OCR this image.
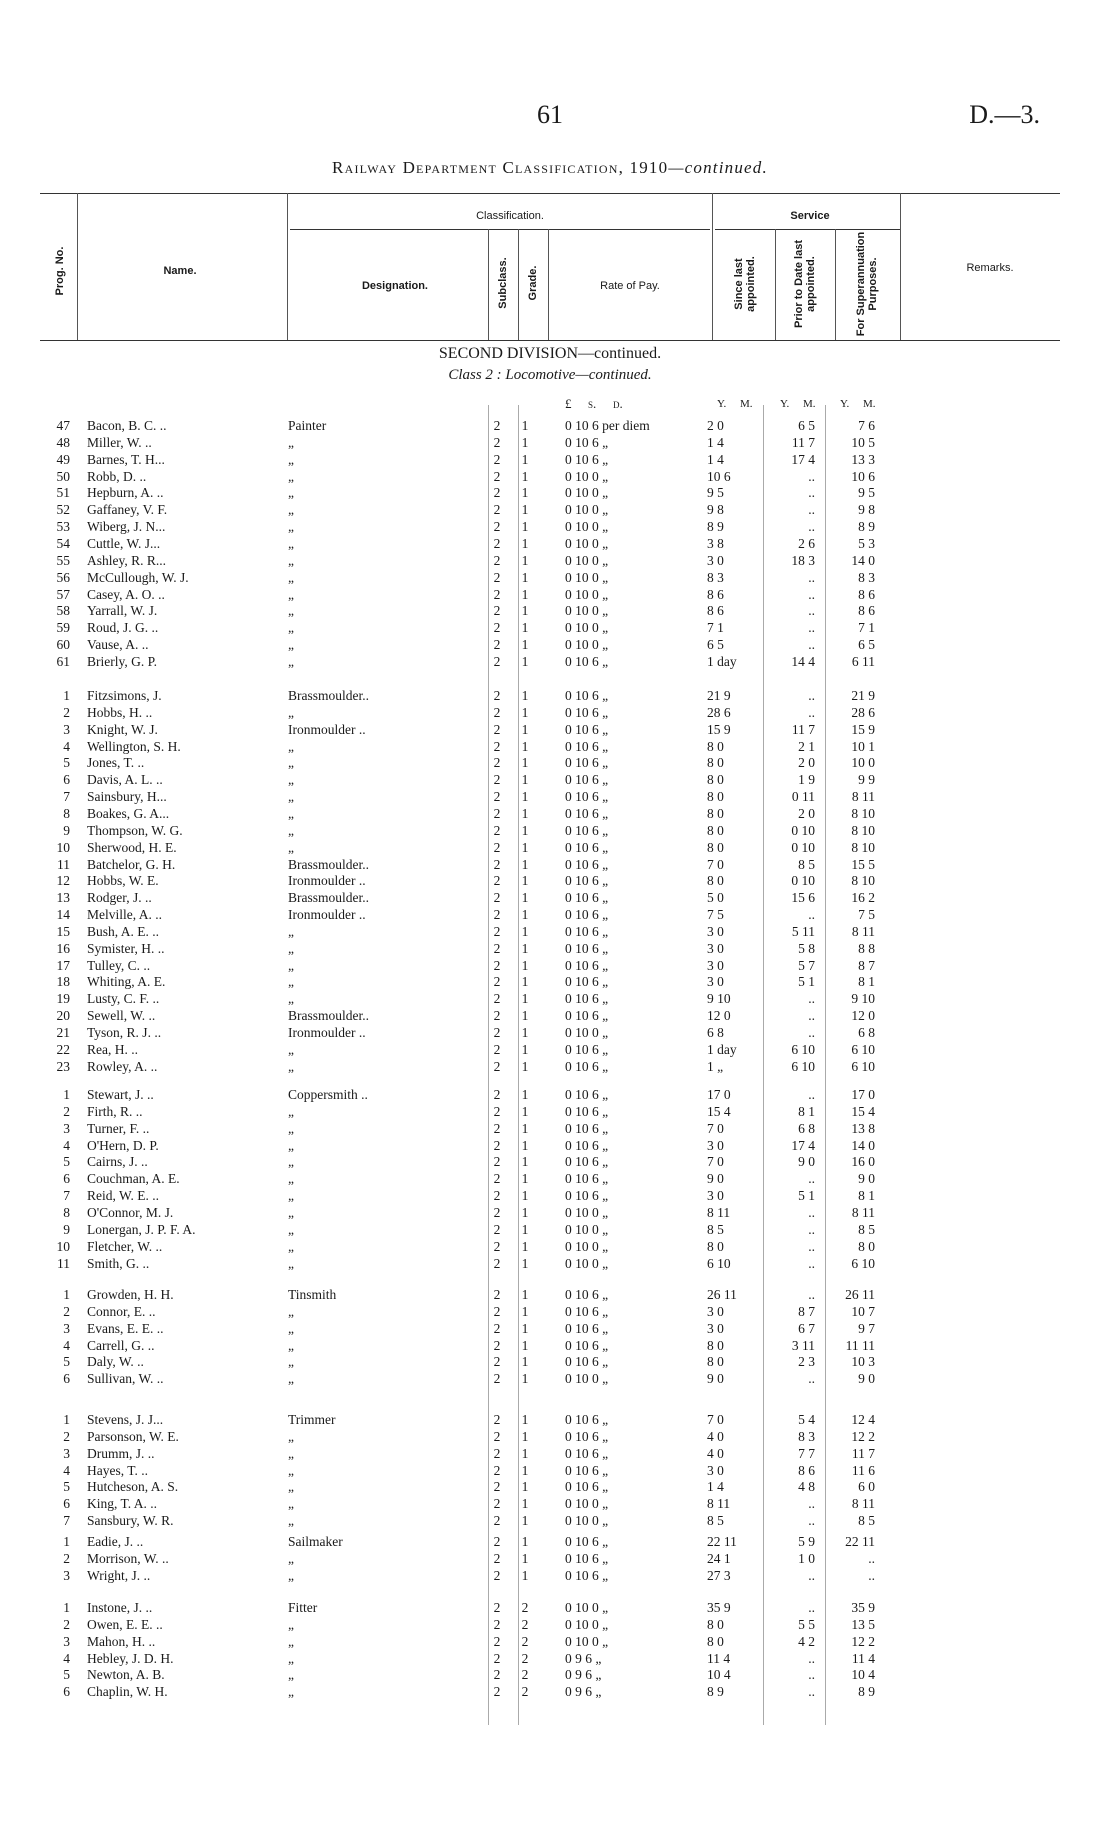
61	D.—3.
Railway Department Classification, 1910—continued.
Prog. No.	Name.
Classification.
Designation.	Subclass. Grade.	Rate of Pay.
Service
Since last appointed.	Prior to Date last appointed.	For Superannuation Purposes.	Remarks.
SECOND DIVISION—continued.
Class 2 : Locomotive—continued.
£ s. d.	Y. M. Y. M. Y. M.
47 Bacon, B. C. ..	Painter	2 1	0 10 6 per diem	2 0	6 5	7 6
48 Miller, W. ..	„	2 1	0 10 6 „	1 4	11 7	10 5
49 Barnes, T. H...	„	2 1	0 10 6 „	1 4	17 4	13 3
50 Robb, D. ..	„	2 1	0 10 0 „	10 6	..	10 6
51 Hepburn, A. ..	„	2 1	0 10 0 „	9 5	..	9 5
52 Gaffaney, V. F.	„	2 1	0 10 0 „	9 8	..	9 8
53 Wiberg, J. N...	„	2 1	0 10 0 „	8 9	..	8 9
54 Cuttle, W. J...	„	2 1	0 10 0 „	3 8	2 6	5 3
55 Ashley, R. R...	„	2 1	0 10 0 „	3 0	18 3	14 0
56 McCullough, W. J.	„	2 1	0 10 0 „	8 3	..	8 3
57 Casey, A. O. ..	„	2 1	0 10 0 „	8 6	..	8 6
58 Yarrall, W. J.	„	2 1	0 10 0 „	8 6	..	8 6
59 Roud, J. G. ..	„	2 1	0 10 0 „	7 1	..	7 1
60 Vause, A. ..	„	2 1	0 10 0 „	6 5	..	6 5
61 Brierly, G. P.	„	2 1	0 10 6 „	1 day	14 4	6 11
1 Fitzsimons, J.	Brassmoulder..	2 1	0 10 6 „	21 9	..	21 9
2 Hobbs, H. ..	„	2 1	0 10 6 „	28 6	..	28 6
3 Knight, W. J.	Ironmoulder ..	2 1	0 10 6 „	15 9	11 7	15 9
4 Wellington, S. H.	„	2 1	0 10 6 „	8 0	2 1	10 1
5 Jones, T. ..	„	2 1	0 10 6 „	8 0	2 0	10 0
6 Davis, A. L. ..	„	2 1	0 10 6 „	8 0	1 9	9 9
7 Sainsbury, H...	„	2 1	0 10 6 „	8 0	0 11	8 11
8 Boakes, G. A...	„	2 1	0 10 6 „	8 0	2 0	8 10
9 Thompson, W. G.	„	2 1	0 10 6 „	8 0	0 10	8 10
10 Sherwood, H. E.	„	2 1	0 10 6 „	8 0	0 10	8 10
11 Batchelor, G. H.	Brassmoulder..	2 1	0 10 6 „	7 0	8 5	15 5
12 Hobbs, W. E.	Ironmoulder ..	2 1	0 10 6 „	8 0	0 10	8 10
13 Rodger, J. ..	Brassmoulder..	2 1	0 10 6 „	5 0	15 6	16 2
14 Melville, A. ..	Ironmoulder ..	2 1	0 10 6 „	7 5	..	7 5
15 Bush, A. E. ..	„	2 1	0 10 6 „	3 0	5 11	8 11
16 Symister, H. ..	„	2 1	0 10 6 „	3 0	5 8	8 8
17 Tulley, C. ..	„	2 1	0 10 6 „	3 0	5 7	8 7
18 Whiting, A. E.	„	2 1	0 10 6 „	3 0	5 1	8 1
19 Lusty, C. F. ..	„	2 1	0 10 6 „	9 10	..	9 10
20 Sewell, W. ..	Brassmoulder..	2 1	0 10 6 „	12 0	..	12 0
21 Tyson, R. J. ..	Ironmoulder ..	2 1	0 10 0 „	6 8	..	6 8
22 Rea, H. ..	„	2 1	0 10 6 „	1 day	6 10	6 10
23 Rowley, A. ..	„	2 1	0 10 6 „	1 „	6 10	6 10
1 Stewart, J. ..	Coppersmith ..	2 1	0 10 6 „	17 0	..	17 0
2 Firth, R. ..	„	2 1	0 10 6 „	15 4	8 1	15 4
3 Turner, F. ..	„	2 1	0 10 6 „	7 0	6 8	13 8
4 O'Hern, D. P.	„	2 1	0 10 6 „	3 0	17 4	14 0
5 Cairns, J. ..	„	2 1	0 10 6 „	7 0	9 0	16 0
6 Couchman, A. E.	„	2 1	0 10 6 „	9 0	..	9 0
7 Reid, W. E. ..	„	2 1	0 10 6 „	3 0	5 1	8 1
8 O'Connor, M. J.	„	2 1	0 10 0 „	8 11	..	8 11
9 Lonergan, J. P. F. A.	„	2 1	0 10 0 „	8 5	..	8 5
10 Fletcher, W. ..	„	2 1	0 10 0 „	8 0	..	8 0
11 Smith, G. ..	„	2 1	0 10 0 „	6 10	..	6 10
1 Growden, H. H.	Tinsmith	2 1	0 10 6 „	26 11	..	26 11
2 Connor, E. ..	„	2 1	0 10 6 „	3 0	8 7	10 7
3 Evans, E. E. ..	„	2 1	0 10 6 „	3 0	6 7	9 7
4 Carrell, G. ..	„	2 1	0 10 6 „	8 0	3 11	11 11
5 Daly, W. ..	„	2 1	0 10 6 „	8 0	2 3	10 3
6 Sullivan, W. ..	„	2 1	0 10 0 „	9 0	..	9 0
1 Stevens, J. J...	Trimmer	2 1	0 10 6 „	7 0	5 4	12 4
2 Parsonson, W. E.	„	2 1	0 10 6 „	4 0	8 3	12 2
3 Drumm, J. ..	„	2 1	0 10 6 „	4 0	7 7	11 7
4 Hayes, T. ..	„	2 1	0 10 6 „	3 0	8 6	11 6
5 Hutcheson, A. S.	„	2 1	0 10 6 „	1 4	4 8	6 0
6 King, T. A. ..	„	2 1	0 10 0 „	8 11	..	8 11
7 Sansbury, W. R.	„	2 1	0 10 0 „	8 5	..	8 5
1 Eadie, J. ..	Sailmaker	2 1	0 10 6 „	22 11	5 9	22 11
2 Morrison, W. ..	„	2 1	0 10 6 „	24 1	1 0	..
3 Wright, J. ..	„	2 1	0 10 6 „	27 3	..	..
1 Instone, J. ..	Fitter	2 2	0 10 0 „	35 9	..	35 9
2 Owen, E. E. ..	„	2 2	0 10 0 „	8 0	5 5	13 5
3 Mahon, H. ..	„	2 2	0 10 0 „	8 0	4 2	12 2
4 Hebley, J. D. H.	„	2 2	0 9 6 „	11 4	..	11 4
5 Newton, A. B.	„	2 2	0 9 6 „	10 4	..	10 4
6 Chaplin, W. H.	„	2 2	0 9 6 „	8 9	..	8 9
